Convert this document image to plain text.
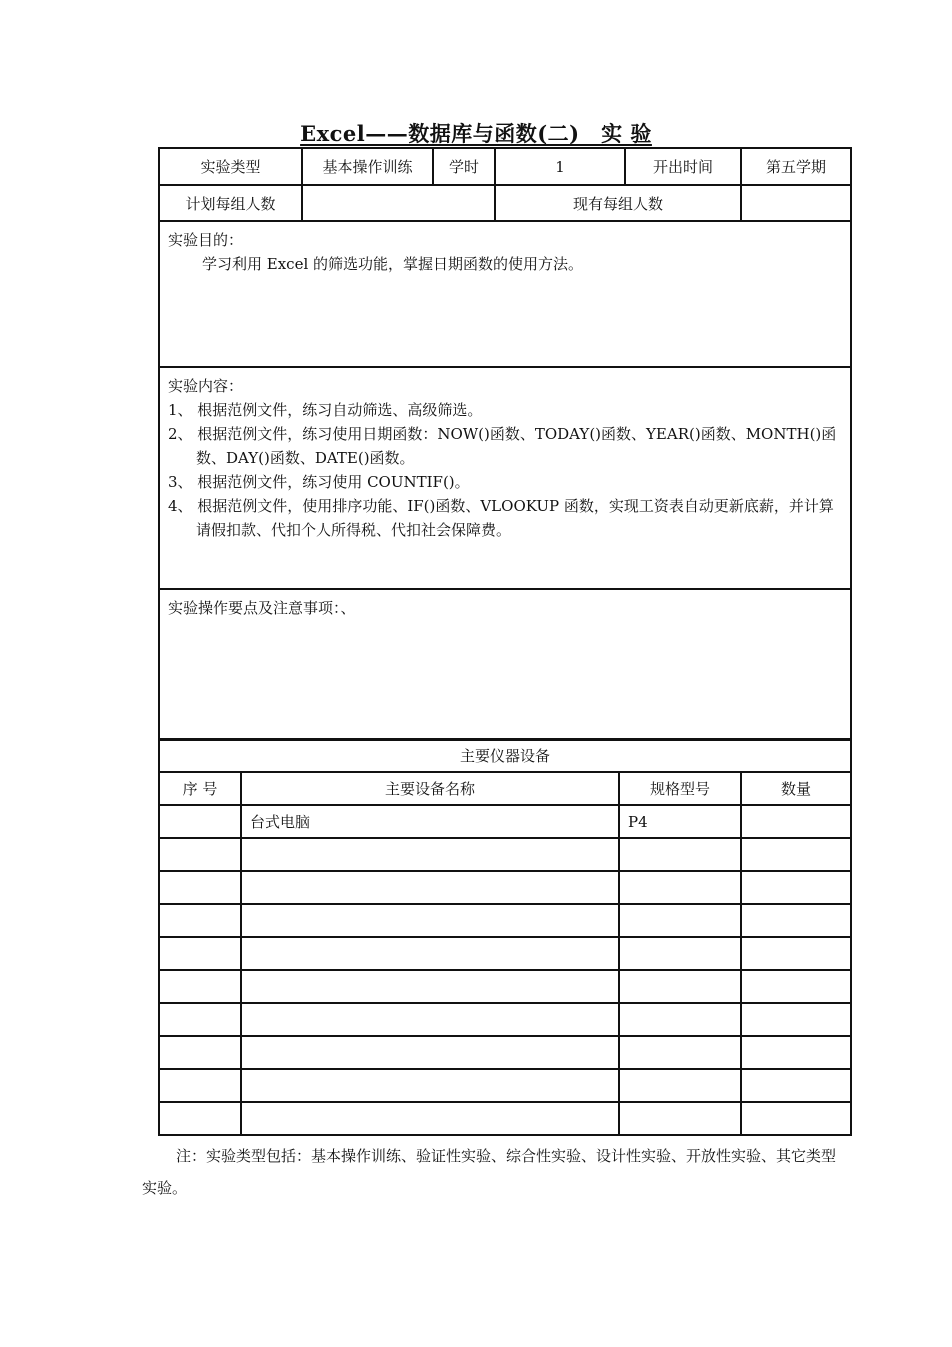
Excel——数据库与函数(二)　实 验
实验类型	基本操作训练	学时	1	开出时间	第五学期
计划每组人数			现有每组人数		

实验目的：
学习利用 Excel 的筛选功能，掌握日期函数的使用方法。					

实验内容：
1、 根据范例文件，练习自动筛选、高级筛选。
2、 根据范例文件，练习使用日期函数：NOW()函数、TODAY()函数、YEAR()函数、MONTH()函数、DAY()函数、DATE()函数。
3、 根据范例文件，练习使用 COUNTIF()。
4、 根据范例文件，使用排序功能、IF()函数、VLOOKUP 函数，实现工资表自动更新底薪，并计算请假扣款、代扣个人所得税、代扣社会保障费。					

实验操作要点及注意事项：、					
主要仪器设备			
序 号	主要设备名称	规格型号	数量
	台式电脑	P4	

注：实验类型包括：基本操作训练、验证性实验、综合性实验、设计性实验、开放性实验、其它类型实验。
